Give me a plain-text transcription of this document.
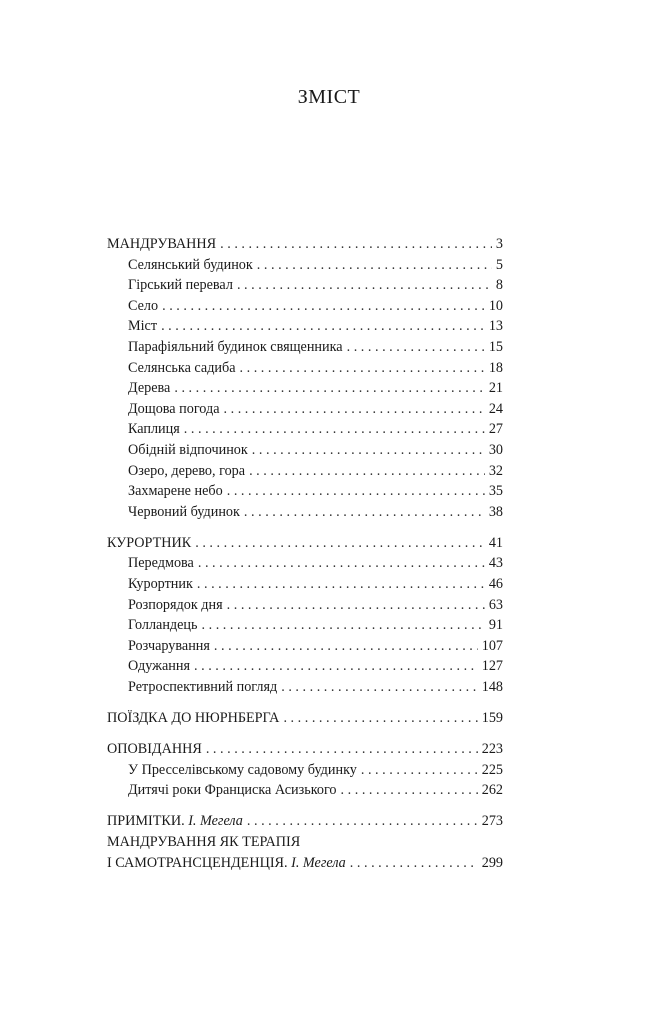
ЗМІСТ
МАНДРУВАННЯ . . .	3
Селянський будинок . . .	5
Гірський перевал . . .	8
Село . . .	10
Міст . . .	13
Парафіяльний будинок священника . . .	15
Селянська садиба . . .	18
Дерева . . .	21
Дощова погода . . .	24
Каплиця . . .	27
Обідній відпочинок . . .	30
Озеро, дерево, гора . . .	32
Захмарене небо . . .	35
Червоний будинок . . .	38
КУРОРТНИК . . .	41
Передмова . . .	43
Курортник . . .	46
Розпорядок дня . . .	63
Голландець . . .	91
Розчарування . . .	107
Одужання . . .	127
Ретроспективний погляд . . .	148
ПОЇЗДКА ДО НЮРНБЕРГА . . .	159
ОПОВІДАННЯ . . .	223
У Пресселівському садовому будинку . . .	225
Дитячі роки Франциска Асизького . . .	262
ПРИМІТКИ. І. Мегела . . .	273
МАНДРУВАННЯ ЯК ТЕРАПІЯ
І САМОТРАНСЦЕНДЕНЦІЯ. І. Мегела . . .	299
